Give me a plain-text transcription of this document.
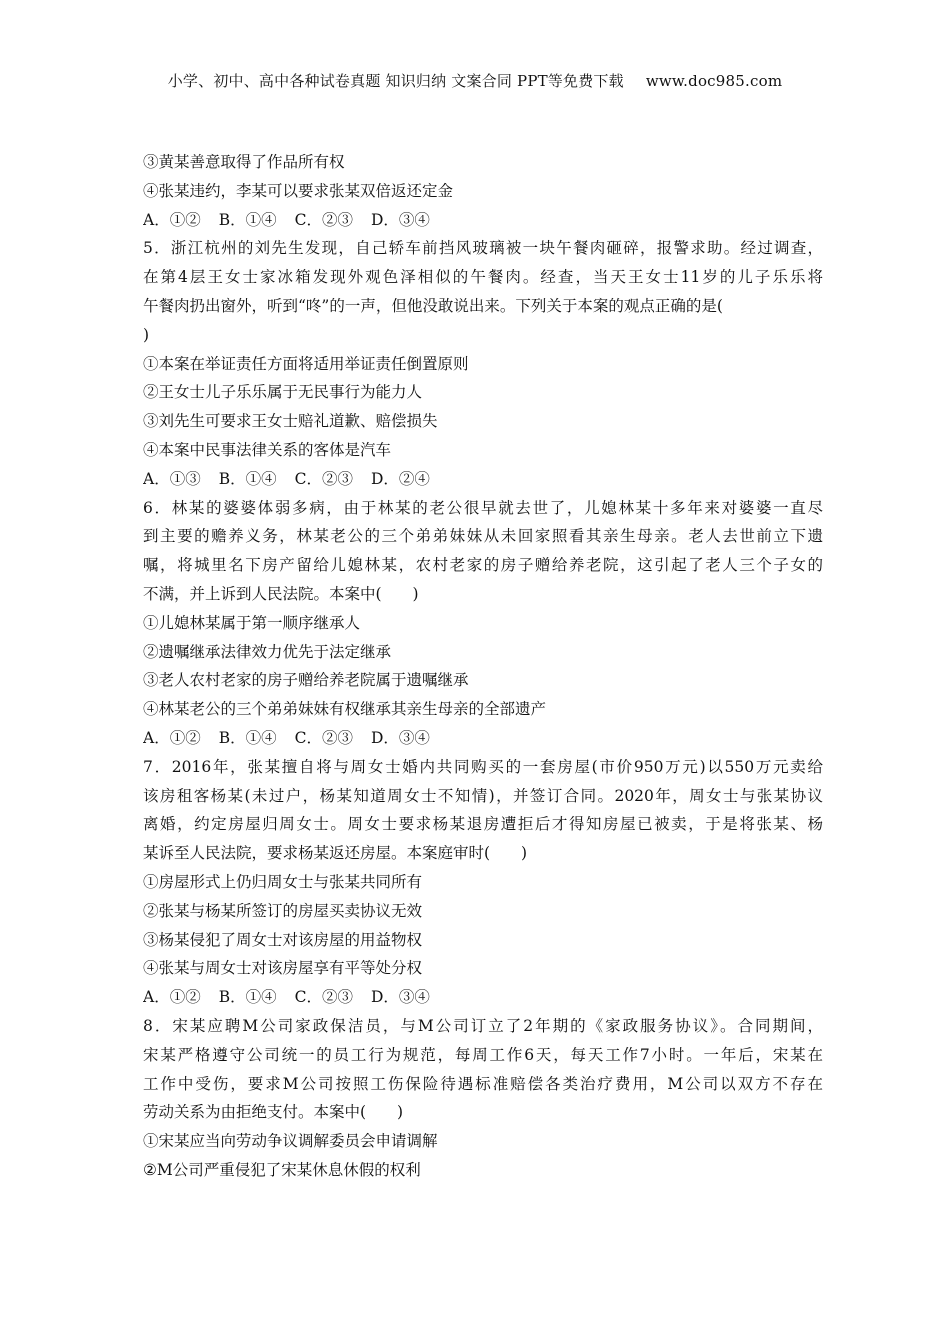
小学、初中、高中各种试卷真题 知识归纳 文案合同 PPT等免费下载 www.doc985.com
③黄某善意取得了作品所有权
④张某违约，李某可以要求张某双倍返还定金
A．①② B．①④ C．②③ D．③④
5．浙江杭州的刘先生发现，自己轿车前挡风玻璃被一块午餐肉砸碎，报警求助。经过调查，
在第4层王女士家冰箱发现外观色泽相似的午餐肉。经查，当天王女士11岁的儿子乐乐将
午餐肉扔出窗外，听到“咚”的一声，但他没敢说出来。下列关于本案的观点正确的是(
)
①本案在举证责任方面将适用举证责任倒置原则
②王女士儿子乐乐属于无民事行为能力人
③刘先生可要求王女士赔礼道歉、赔偿损失
④本案中民事法律关系的客体是汽车
A．①③ B．①④ C．②③ D．②④
6．林某的婆婆体弱多病，由于林某的老公很早就去世了，儿媳林某十多年来对婆婆一直尽
到主要的赡养义务，林某老公的三个弟弟妹妹从未回家照看其亲生母亲。老人去世前立下遗
嘱，将城里名下房产留给儿媳林某，农村老家的房子赠给养老院，这引起了老人三个子女的
不满，并上诉到人民法院。本案中(　　)
①儿媳林某属于第一顺序继承人
②遗嘱继承法律效力优先于法定继承
③老人农村老家的房子赠给养老院属于遗嘱继承
④林某老公的三个弟弟妹妹有权继承其亲生母亲的全部遗产
A．①② B．①④ C．②③ D．③④
7．2016年，张某擅自将与周女士婚内共同购买的一套房屋(市价950万元)以550万元卖给
该房租客杨某(未过户，杨某知道周女士不知情)，并签订合同。2020年，周女士与张某协议
离婚，约定房屋归周女士。周女士要求杨某退房遭拒后才得知房屋已被卖，于是将张某、杨
某诉至人民法院，要求杨某返还房屋。本案庭审时(　　)
①房屋形式上仍归周女士与张某共同所有
②张某与杨某所签订的房屋买卖协议无效
③杨某侵犯了周女士对该房屋的用益物权
④张某与周女士对该房屋享有平等处分权
A．①② B．①④ C．②③ D．③④
8．宋某应聘M公司家政保洁员，与M公司订立了2年期的《家政服务协议》。合同期间，
宋某严格遵守公司统一的员工行为规范，每周工作6天，每天工作7小时。一年后，宋某在
工作中受伤，要求M公司按照工伤保险待遇标准赔偿各类治疗费用，M公司以双方不存在
劳动关系为由拒绝支付。本案中(　　)
①宋某应当向劳动争议调解委员会申请调解
②M公司严重侵犯了宋某休息休假的权利
